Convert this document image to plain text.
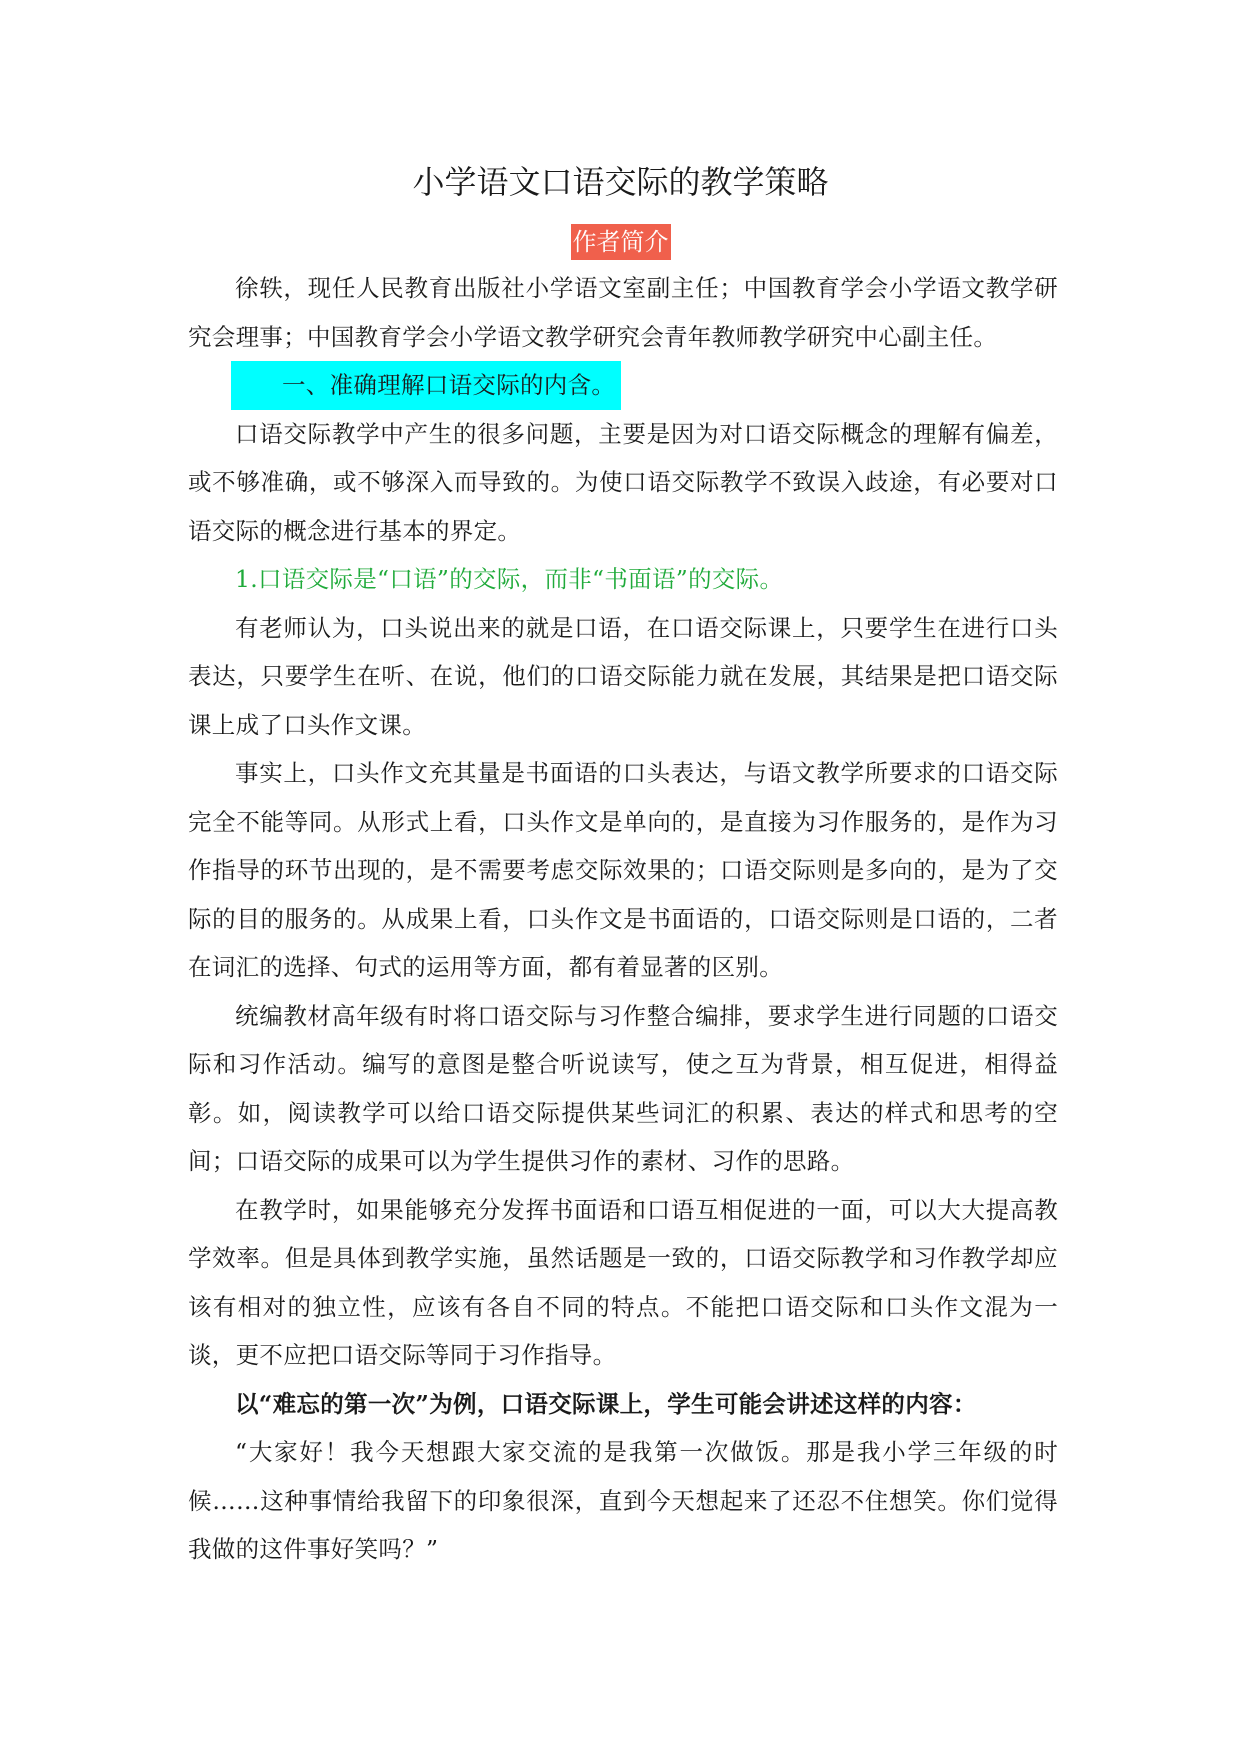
小学语文口语交际的教学策略
作者简介

徐轶，现任人民教育出版社小学语文室副主任；中国教育学会小学语文教学研究会理事；中国教育学会小学语文教学研究会青年教师教学研究中心副主任。

一、准确理解口语交际的内含。

口语交际教学中产生的很多问题，主要是因为对口语交际概念的理解有偏差，或不够准确，或不够深入而导致的。为使口语交际教学不致误入歧途，有必要对口语交际的概念进行基本的界定。

1.口语交际是“口语”的交际，而非“书面语”的交际。

有老师认为，口头说出来的就是口语，在口语交际课上，只要学生在进行口头表达，只要学生在听、在说，他们的口语交际能力就在发展，其结果是把口语交际课上成了口头作文课。

事实上，口头作文充其量是书面语的口头表达，与语文教学所要求的口语交际完全不能等同。从形式上看，口头作文是单向的，是直接为习作服务的，是作为习作指导的环节出现的，是不需要考虑交际效果的；口语交际则是多向的，是为了交际的目的服务的。从成果上看，口头作文是书面语的，口语交际则是口语的，二者在词汇的选择、句式的运用等方面，都有着显著的区别。

统编教材高年级有时将口语交际与习作整合编排，要求学生进行同题的口语交际和习作活动。编写的意图是整合听说读写，使之互为背景，相互促进，相得益彰。如，阅读教学可以给口语交际提供某些词汇的积累、表达的样式和思考的空间；口语交际的成果可以为学生提供习作的素材、习作的思路。

在教学时，如果能够充分发挥书面语和口语互相促进的一面，可以大大提高教学效率。但是具体到教学实施，虽然话题是一致的，口语交际教学和习作教学却应该有相对的独立性，应该有各自不同的特点。不能把口语交际和口头作文混为一谈，更不应把口语交际等同于习作指导。

以“难忘的第一次”为例，口语交际课上，学生可能会讲述这样的内容：

“大家好！我今天想跟大家交流的是我第一次做饭。那是我小学三年级的时候……这种事情给我留下的印象很深，直到今天想起来了还忍不住想笑。你们觉得我做的这件事好笑吗？”
